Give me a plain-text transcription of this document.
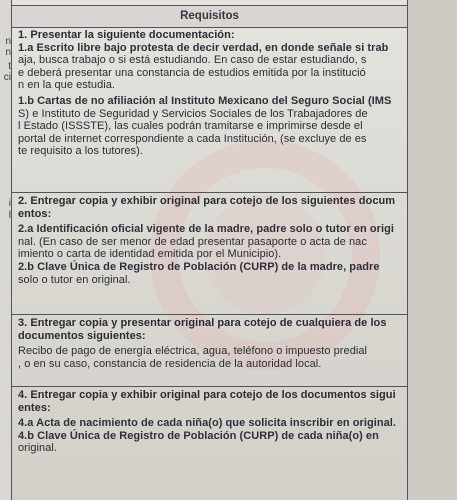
n
n
t
ci
i
l
Requisitos

1. Presentar la siguiente documentación:

1.a Escrito libre bajo protesta de decir verdad, en donde señale si trab

aja, busca trabajo o si está estudiando. En caso de estar estudiando, s

e deberá presentar una constancia de estudios emitida por la institució

n en la que estudia.

1.b Cartas de no afiliación al Instituto Mexicano del Seguro Social (IMS

S) e Instituto de Seguridad y Servicios Sociales de los Trabajadores de

l Estado (ISSSTE), las cuales podrán tramitarse e imprimirse desde el

portal de internet correspondiente a cada Institución, (se excluye de es

te requisito a los tutores).

2. Entregar copia y exhibir original para cotejo de los siguientes docum

entos:

2.a Identificación oficial vigente de la madre, padre solo o tutor en origi

nal. (En caso de ser menor de edad presentar pasaporte o acta de nac

imiento o carta de identidad emitida por el Municipio).

2.b Clave Única de Registro de Población (CURP) de la madre, padre

solo o tutor en original.

3. Entregar copia y presentar original para cotejo de cualquiera de los

documentos siguientes:

Recibo de pago de energía eléctrica, agua, teléfono o impuesto predial

, o en su caso, constancia de residencia de la autoridad local.

4. Entregar copia y exhibir original para cotejo de los documentos sigui

entes:

4.a Acta de nacimiento de cada niña(o) que solicita inscribir en original.

4.b Clave Única de Registro de Población (CURP) de cada niña(o) en

original.
